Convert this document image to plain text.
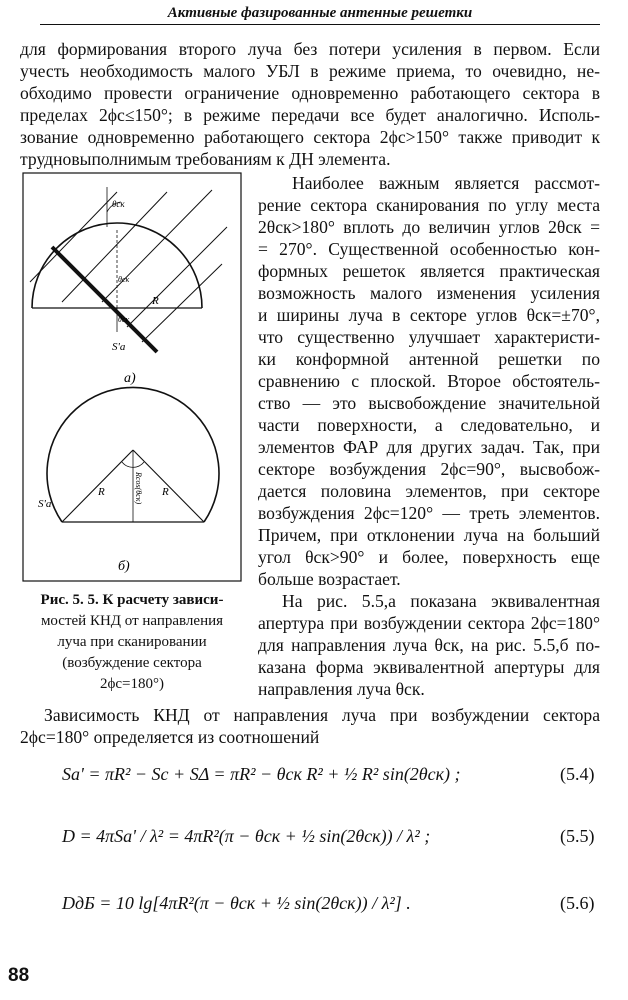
Активные фазированные антенные решетки
для формирования второго луча без потери усиления в первом. Если
учесть необходимость малого УБЛ в режиме приема, то очевидно, не-
обходимо провести ограничение одновременно работающего сектора в
пределах 2ϕc≤150°; в режиме передачи все будет аналогично. Исполь-
зование одновременно работающего сектора 2ϕc>150° также приводит к
трудновыполнимым требованиям к ДН элемента.
θск
θск
θск
R
S'a
a)
R	R
Rcos(θск)
S'a
б)
Наиболее важным является рассмот-
рение сектора сканирования по углу места
2θск>180° вплоть до величин углов 2θск =
= 270°. Существенной особенностью кон-
формных решеток является практическая
возможность малого изменения усиления
и ширины луча в секторе углов θск=±70°,
что существенно улучшает характеристи-
ки конформной антенной решетки по
сравнению с плоской. Второе обстоятель-
ство — это высвобождение значительной
части поверхности, а следовательно, и
элементов ФАР для других задач. Так, при
секторе возбуждения 2ϕc=90°, высвобож-
дается половина элементов, при секторе
возбуждения 2ϕc=120° — треть элементов.
Причем, при отклонении луча на больший
угол θск>90° и более, поверхность еще
больше возрастает.
На рис. 5.5,a показана эквивалентная
апертура при возбуждении сектора 2ϕc=180°
для направления луча θск, на рис. 5.5,б по-
казана форма эквивалентной апертуры для
направления луча θск.
Рис. 5. 5. К расчету зависи-
мостей КНД от направления
луча при сканировании
(возбуждение сектора
2ϕc=180°)
Зависимость КНД от направления луча при возбуждении сектора
2ϕc=180° определяется из соотношений
Sa' = πR² − Sc + SΔ = πR² − θск R² + ½ R² sin(2θск) ;	(5.4)
D = 4πSa' / λ² = 4πR²(π − θск + ½ sin(2θск)) / λ² ;	(5.5)
DдБ = 10 lg[4πR²(π − θск + ½ sin(2θск)) / λ²] .	(5.6)
88
